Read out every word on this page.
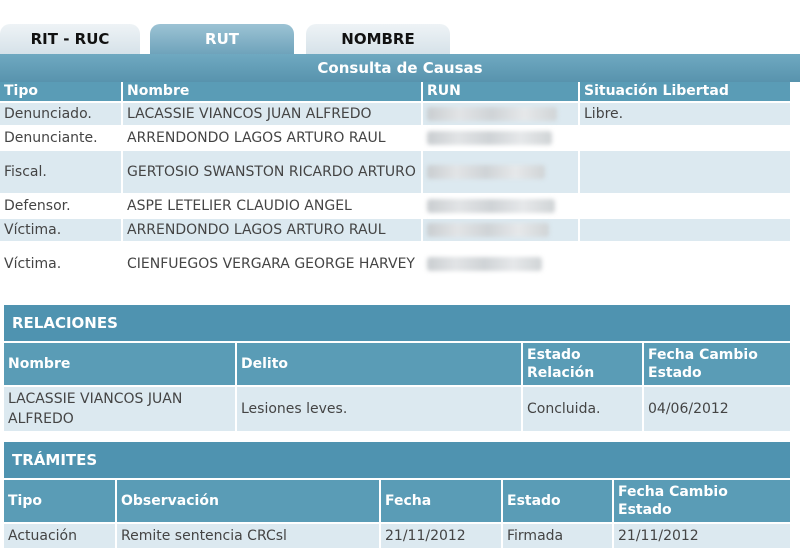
RIT - RUC	RUT	NOMBRE
Consulta de Causas
Tipo	Nombre	RUN	Situación Libertad
Denunciado.	LACASSIE VIANCOS JUAN ALFREDO		Libre.
Denunciante.	ARRENDONDO LAGOS ARTURO RAUL		
Fiscal.	GERTOSIO SWANSTON RICARDO ARTURO		
Defensor.	ASPE LETELIER CLAUDIO ANGEL		
Víctima.	ARRENDONDO LAGOS ARTURO RAUL		
Víctima.	CIENFUEGOS VERGARA GEORGE HARVEY		
RELACIONES
Nombre	Delito	Estado Relación	Fecha Cambio Estado
LACASSIE VIANCOS JUAN ALFREDO	Lesiones leves.	Concluida.	04/06/2012
TRÁMITES
Tipo	Observación	Fecha	Estado	Fecha Cambio Estado
Actuación	Remite sentencia CRCsl	21/11/2012	Firmada	21/11/2012
